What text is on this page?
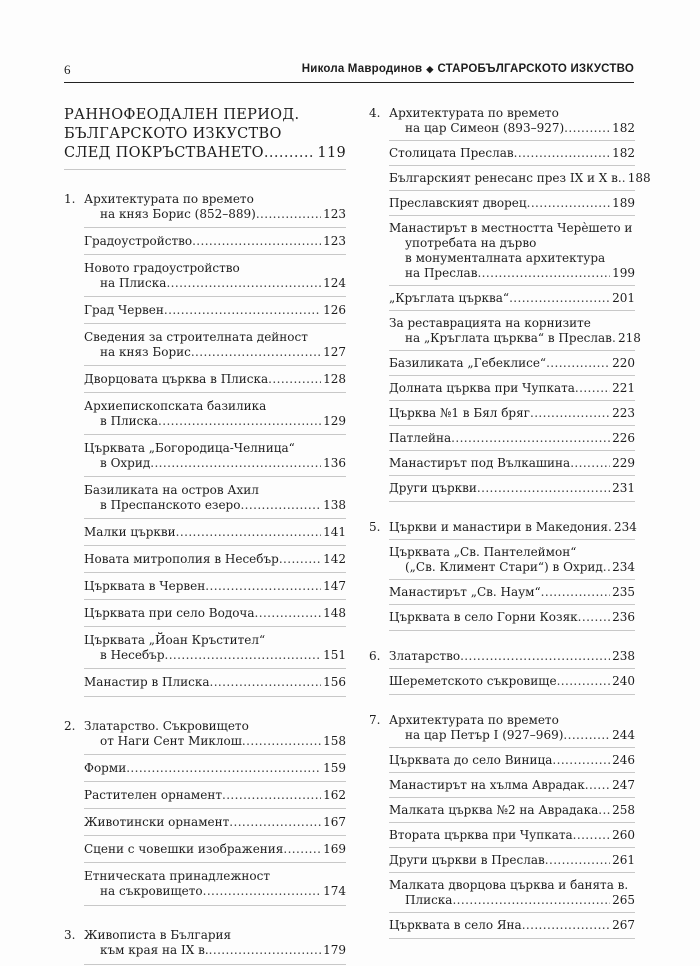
6	Никола Мавродинов ◆ СТАРОБЪЛГАРСКОТО ИЗКУСТВО
РАННОФЕОДАЛЕН ПЕРИОД.
БЪЛГАРСКОТО ИЗКУСТВО
СЛЕД ПОКРЪСТВАНЕТО .....	119
1. Архитектурата по времето
на княз Борис (852–889) .....	123
Градоустройство .....	123
Новото градоустройство
на Плиска .....	124
Град Червен .....	126
Сведения за строителната дейност
на княз Борис .....	127
Дворцовата църква в Плиска .....	128
Архиепископската базилика
в Плиска .....	129
Църквата „Богородица-Челница“
в Охрид .....	136
Базиликата на остров Ахил
в Преспанското езеро .....	138
Малки църкви .....	141
Новата митрополия в Несебър .....	142
Църквата в Червен .....	147
Църквата при село Водоча .....	148
Църквата „Йоан Кръстител“
в Несебър .....	151
Манастир в Плиска .....	156
2. Златарство. Съкровището
от Наги Сент Миклош .....	158
Форми .....	159
Растителен орнамент .....	162
Животински орнамент .....	167
Сцени с човешки изображения .....	169
Етническата принадлежност
на съкровището .....	174
3. Живописта в България
към края на IX в. .....	179
4. Архитектурата по времето
на цар Симеон (893–927) .....	182
Столицата Преслав .....	182
Българският ренесанс през IX и X в. ..... 188
Преславският дворец .....	189
Манастирът в местността Черѐшето и
употребата на дърво
в монументалната архитектура
на Преслав .....	199
„Кръглата църква“ .....	201
За реставрацията на корнизите
на „Кръглата църква“ в Преслав ..... 218
Базиликата „Гебеклисе“ .....	220
Долната църква при Чупката .....	221
Църква №1 в Бял бряг .....	223
Патлейна .....	226
Манастирът под Вълкашина .....	229
Други църкви .....	231
5. Църкви и манастири в Македония ..... 234
Църквата „Св. Пантелеймон“
(„Св. Климент Стари“) в Охрид ..... 234
Манастирът „Св. Наум“ .....	235
Църквата в село Горни Козяк .....	236
6. Златарство .....	238
Шереметското съкровище .....	240
7. Архитектурата по времето
на цар Петър I (927–969) .....	244
Църквата до село Виница .....	246
Манастирът на хълма Аврадак ..... 247
Малката църква №2 на Аврадака ..... 258
Втората църква при Чупката .....	260
Други църкви в Преслав .....	261
Малката дворцова църква и банята в.
Плиска .....	265
Църквата в село Яна .....	267
